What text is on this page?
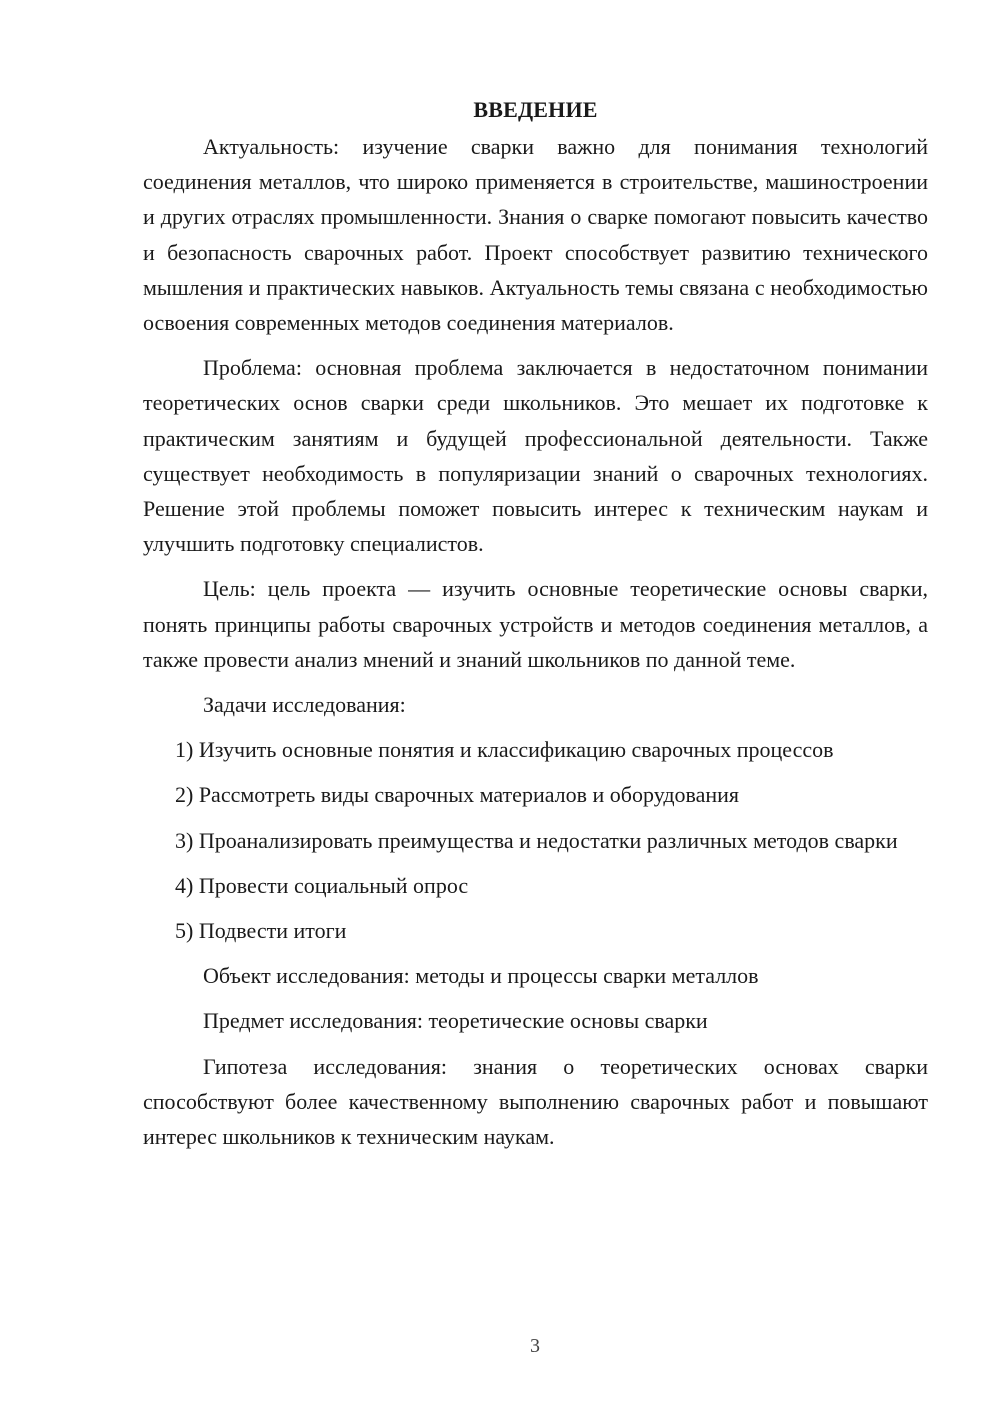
ВВЕДЕНИЕ

Актуальность: изучение сварки важно для понимания технологий соединения металлов, что широко применяется в строительстве, машиностроении и других отраслях промышленности. Знания о сварке помогают повысить качество и безопасность сварочных работ. Проект способствует развитию технического мышления и практических навыков. Актуальность темы связана с необходимостью освоения современных методов соединения материалов.

Проблема: основная проблема заключается в недостаточном понимании теоретических основ сварки среди школьников. Это мешает их подготовке к практическим занятиям и будущей профессиональной деятельности. Также существует необходимость в популяризации знаний о сварочных технологиях. Решение этой проблемы поможет повысить интерес к техническим наукам и улучшить подготовку специалистов.

Цель: цель проекта — изучить основные теоретические основы сварки, понять принципы работы сварочных устройств и методов соединения металлов, а также провести анализ мнений и знаний школьников по данной теме.

Задачи исследования:

1) Изучить основные понятия и классификацию сварочных процессов

2) Рассмотреть виды сварочных материалов и оборудования

3) Проанализировать преимущества и недостатки различных методов сварки

4) Провести социальный опрос

5) Подвести итоги

Объект исследования: методы и процессы сварки металлов

Предмет исследования: теоретические основы сварки

Гипотеза исследования: знания о теоретических основах сварки способствуют более качественному выполнению сварочных работ и повышают интерес школьников к техническим наукам.

3
